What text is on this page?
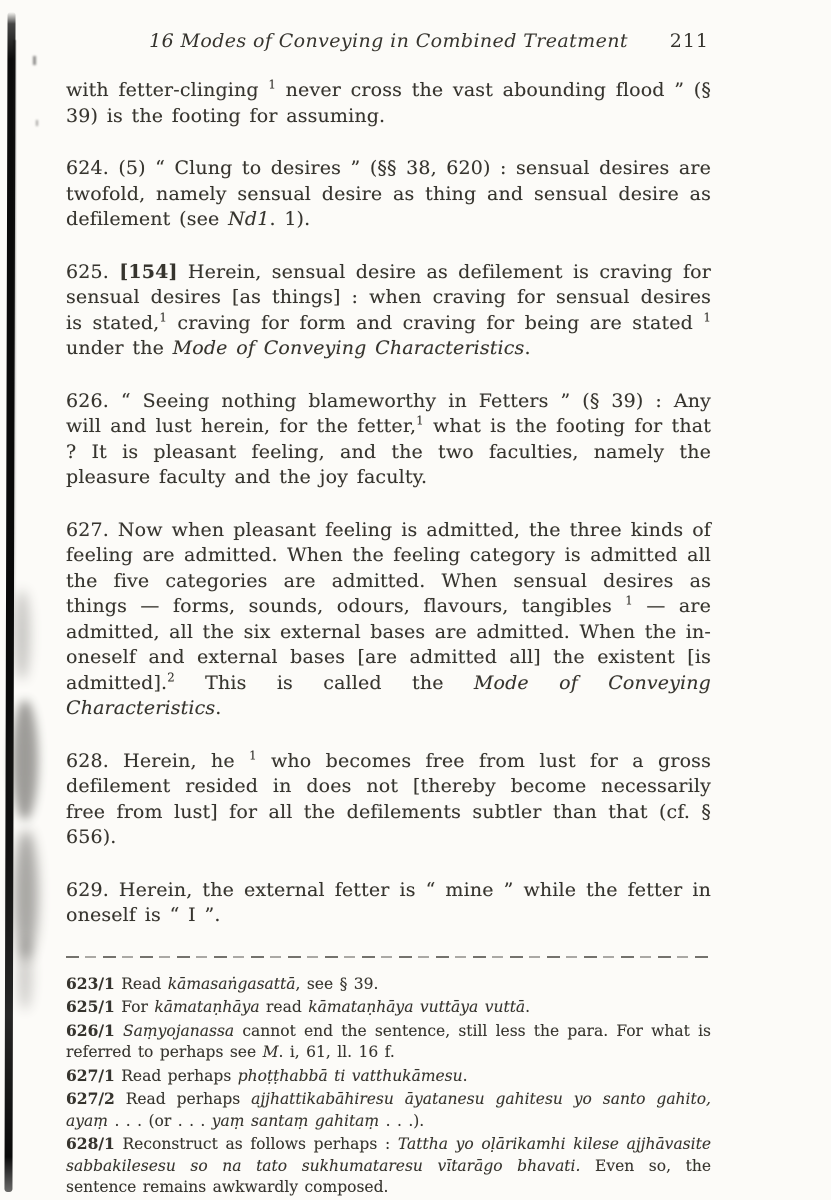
16 Modes of Conveying in Combined Treatment	211

with fetter-clinging $^1$ never cross the vast abounding flood ” (§ 39) is the footing for assuming.

624. (5) “ Clung to desires ” (§§ 38, 620) : sensual desires are twofold, namely sensual desire as thing and sensual desire as defilement (see Nd1. 1).

625. [154] Herein, sensual desire as defilement is craving for sensual desires [as things] : when craving for sensual desires is stated,$^1$ craving for form and craving for being are stated $^1$ under the Mode of Conveying Characteristics.

626. “ Seeing nothing blameworthy in Fetters ” (§ 39) : Any will and lust herein, for the fetter,$^1$ what is the footing for that ? It is pleasant feeling, and the two faculties, namely the pleasure faculty and the joy faculty.

627. Now when pleasant feeling is admitted, the three kinds of feeling are admitted. When the feeling category is admitted all the five categories are admitted. When sensual desires as things — forms, sounds, odours, flavours, tangibles $^1$ — are admitted, all the six external bases are admitted. When the in-oneself and external bases [are admitted all] the existent [is admitted].$^2$ This is called the Mode of Conveying Characteristics.

628. Herein, he $^1$ who becomes free from lust for a gross defilement resided in does not [thereby become necessarily free from lust] for all the defilements subtler than that (cf. § 656).

629. Herein, the external fetter is “ mine ” while the fetter in oneself is “ I ”.

623/1 Read kāmasaṅgasattā, see § 39.

625/1 For kāmataṇhāya read kāmataṇhāya vuttāya vuttā.

626/1 Saṃyojanassa cannot end the sentence, still less the para. For what is referred to perhaps see M. i, 61, ll. 16 f.

627/1 Read perhaps phoṭṭhabbā ti vatthukāmesu.

627/2 Read perhaps ajjhattikabāhiresu āyatanesu gahitesu yo santo gahito, ayaṃ . . . (or . . . yaṃ santaṃ gahitaṃ . . .).

628/1 Reconstruct as follows perhaps : Tattha yo oḷārikamhi kilese ajjhāvasite sabbakilesesu so na tato sukhumataresu vītarāgo bhavati. Even so, the sentence remains awkwardly composed.
